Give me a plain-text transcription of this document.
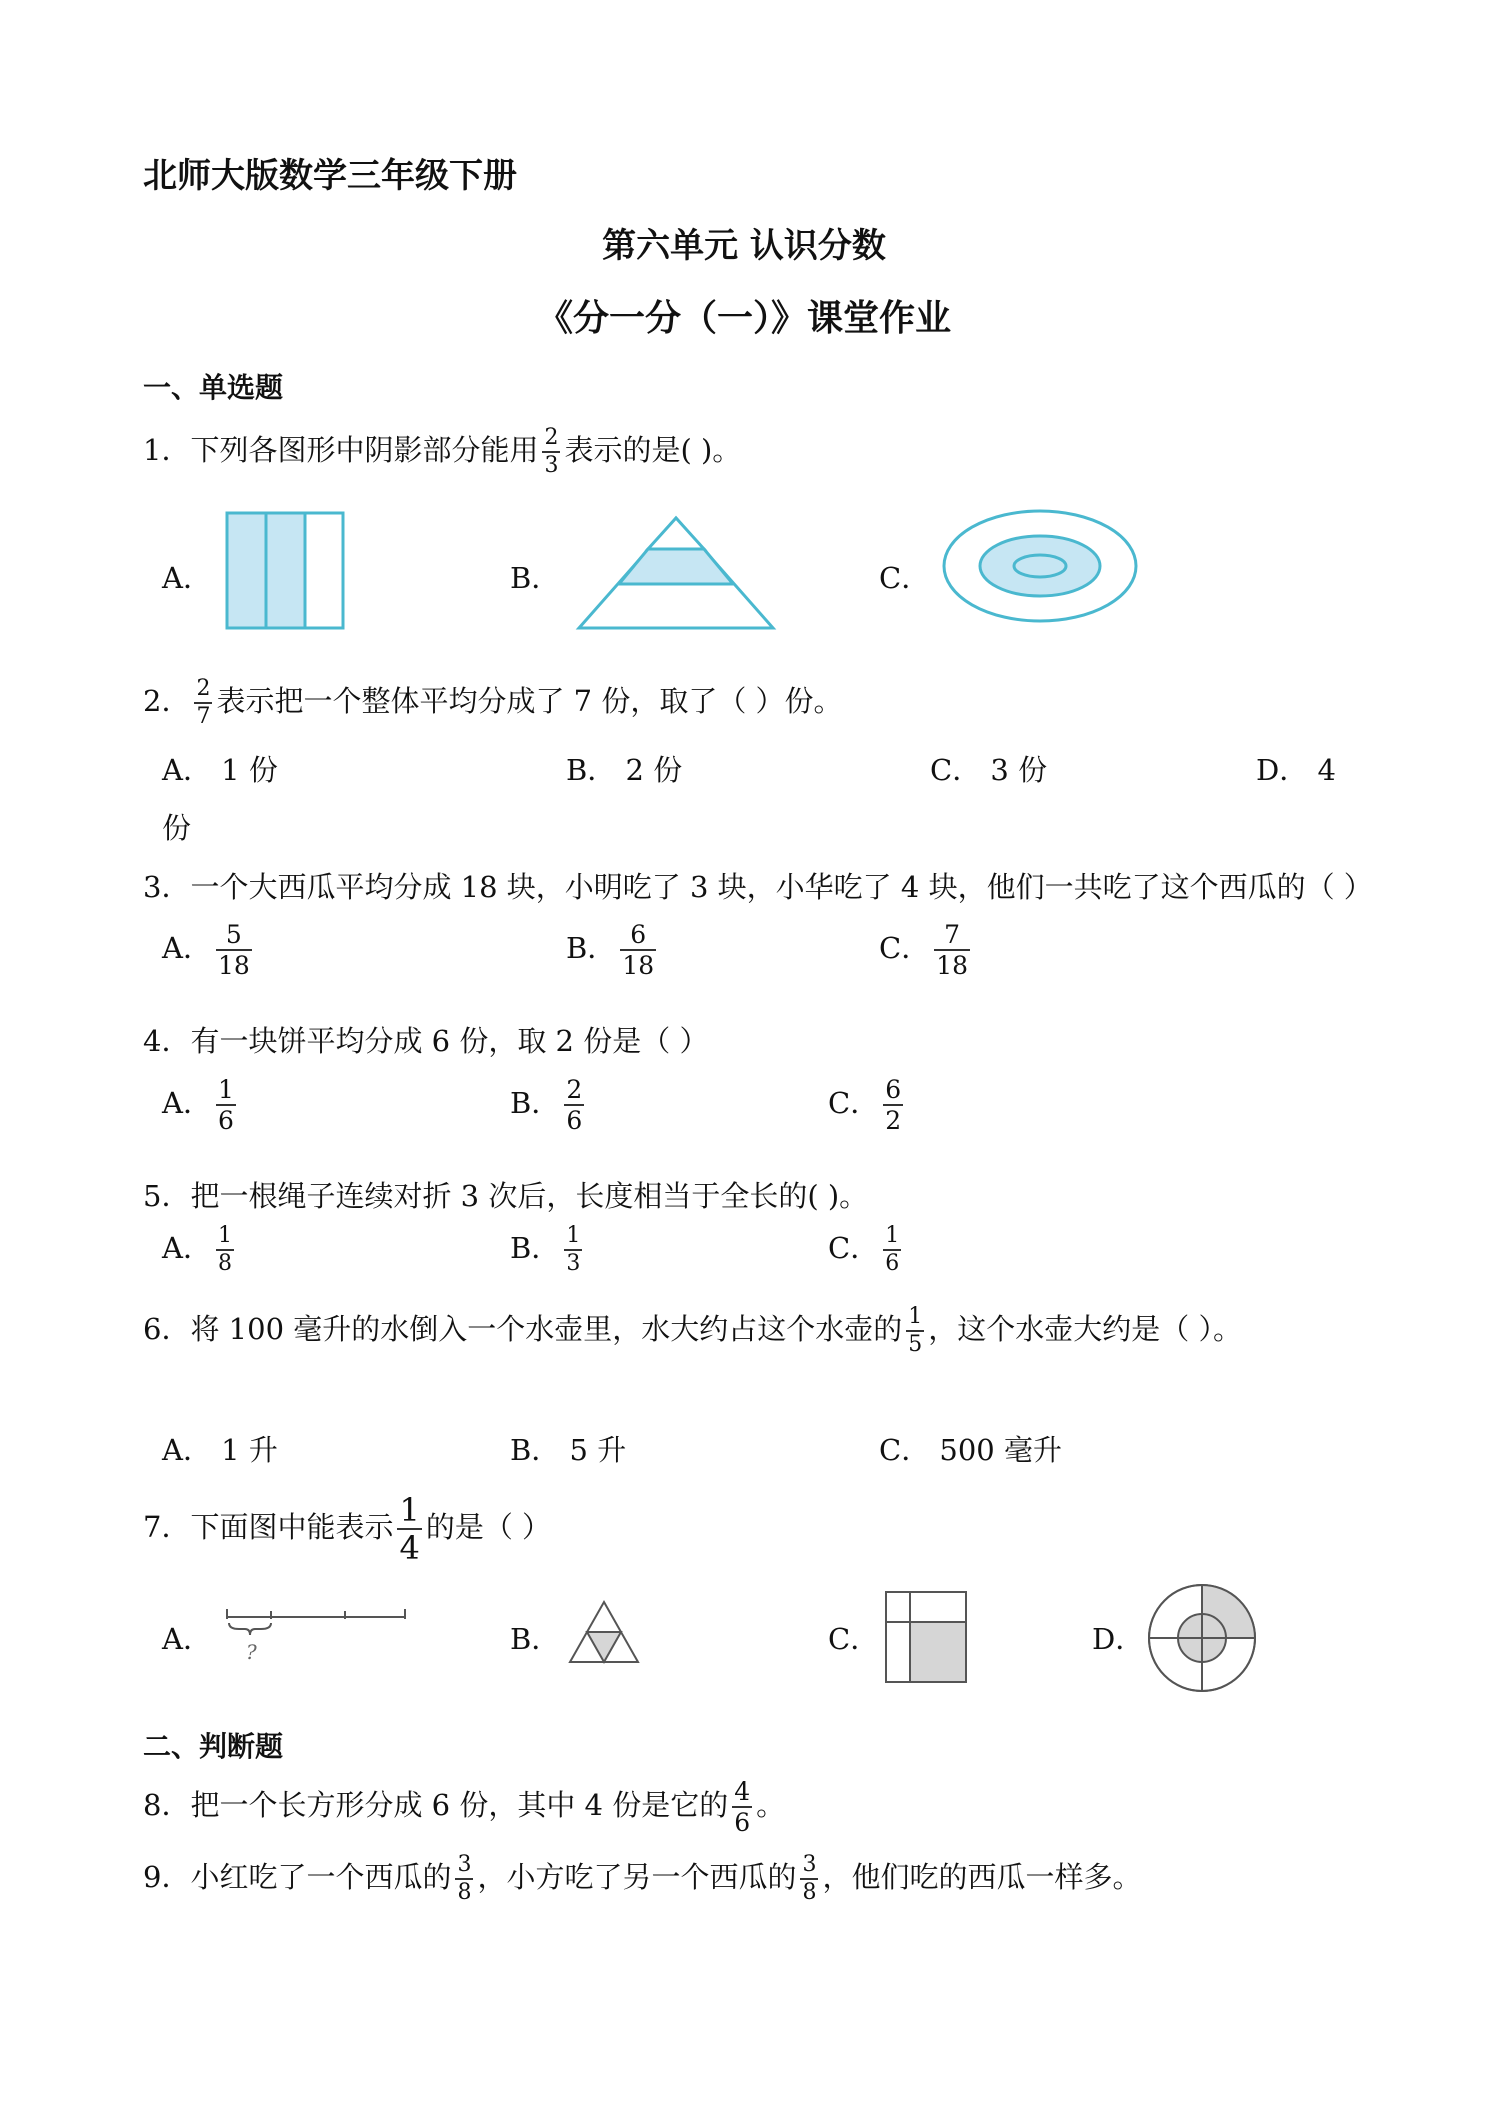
北师大版数学三年级下册
第六单元 认识分数
《分一分（一）》课堂作业
一、单选题
1．下列各图形中阴影部分能用 $\frac{2}{3}$ 表示的是( )。
A．	B．	C．
2． $\frac{2}{7}$ 表示把一个整体平均分成了 7 份，取了（ ）份。
A． 1 份	B． 2 份	C． 3 份	D． 4
份
3．一个大西瓜平均分成 18 块，小明吃了 3 块，小华吃了 4 块，他们一共吃了这个西瓜的（ ）
A． $\frac{5}{18}$	B． $\frac{6}{18}$	C． $\frac{7}{18}$
4．有一块饼平均分成 6 份，取 2 份是（ ）
A． $\frac{1}{6}$	B． $\frac{2}{6}$	C． $\frac{6}{2}$
5．把一根绳子连续对折 3 次后，长度相当于全长的( )。
A． $\frac{1}{8}$	B． $\frac{1}{3}$	C． $\frac{1}{6}$
6．将 100 毫升的水倒入一个水壶里，水大约占这个水壶的 $\frac{1}{5}$ ，这个水壶大约是（ ）。
A． 1 升	B． 5 升	C． 500 毫升
7．下面图中能表示 $\frac{1}{4}$ 的是（ ）
A． ?	B．	C．	D．
二、判断题
8．把一个长方形分成 6 份，其中 4 份是它的 $\frac{4}{6}$ 。
9．小红吃了一个西瓜的 $\frac{3}{8}$ ，小方吃了另一个西瓜的 $\frac{3}{8}$ ，他们吃的西瓜一样多。
